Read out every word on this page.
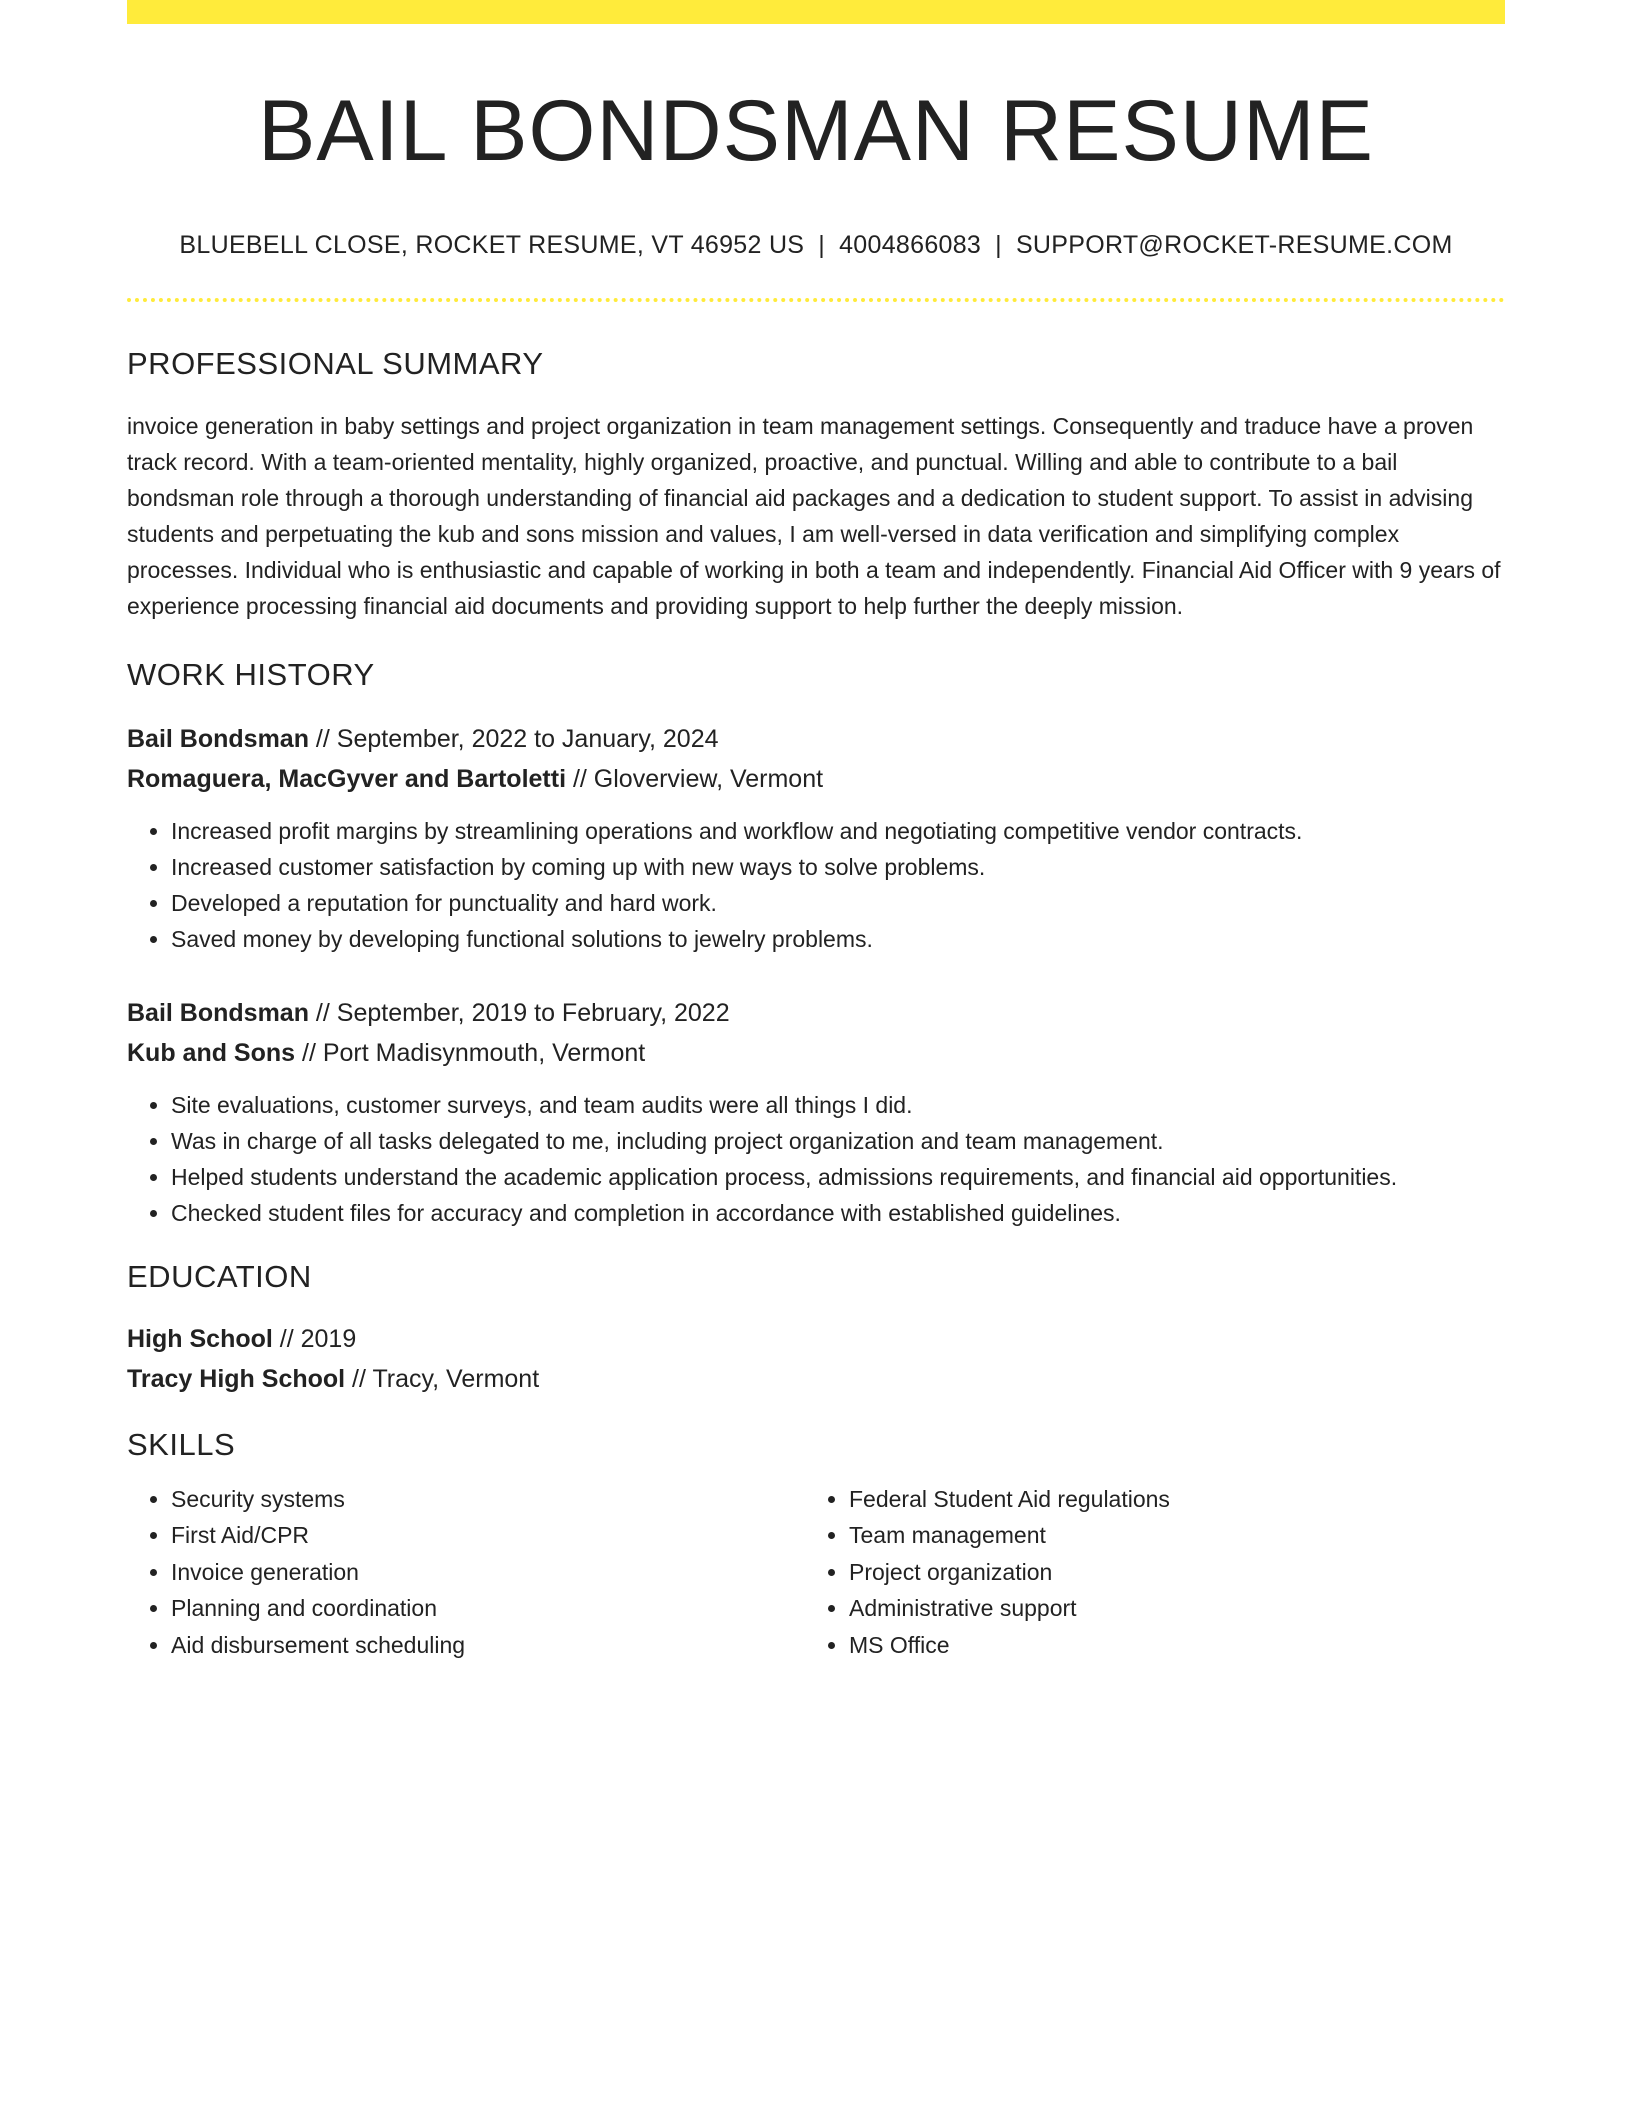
BAIL BONDSMAN RESUME
BLUEBELL CLOSE, ROCKET RESUME, VT 46952 US | 4004866083 | SUPPORT@ROCKET-RESUME.COM
PROFESSIONAL SUMMARY

invoice generation in baby settings and project organization in team management settings. Consequently and traduce have a proven track record. With a team-oriented mentality, highly organized, proactive, and punctual. Willing and able to contribute to a bail bondsman role through a thorough understanding of financial aid packages and a dedication to student support. To assist in advising students and perpetuating the kub and sons mission and values, I am well-versed in data verification and simplifying complex processes. Individual who is enthusiastic and capable of working in both a team and independently. Financial Aid Officer with 9 years of experience processing financial aid documents and providing support to help further the deeply mission.

WORK HISTORY
Bail Bondsman // September, 2022 to January, 2024
Romaguera, MacGyver and Bartoletti // Gloverview, Vermont
• Increased profit margins by streamlining operations and workflow and negotiating competitive vendor contracts.
• Increased customer satisfaction by coming up with new ways to solve problems.
• Developed a reputation for punctuality and hard work.
• Saved money by developing functional solutions to jewelry problems.
Bail Bondsman // September, 2019 to February, 2022
Kub and Sons // Port Madisynmouth, Vermont
• Site evaluations, customer surveys, and team audits were all things I did.
• Was in charge of all tasks delegated to me, including project organization and team management.
• Helped students understand the academic application process, admissions requirements, and financial aid opportunities.
• Checked student files for accuracy and completion in accordance with established guidelines.
EDUCATION
High School // 2019
Tracy High School // Tracy, Vermont
SKILLS
• Security systems
• First Aid/CPR
• Invoice generation
• Planning and coordination
• Aid disbursement scheduling
• Federal Student Aid regulations
• Team management
• Project organization
• Administrative support
• MS Office
